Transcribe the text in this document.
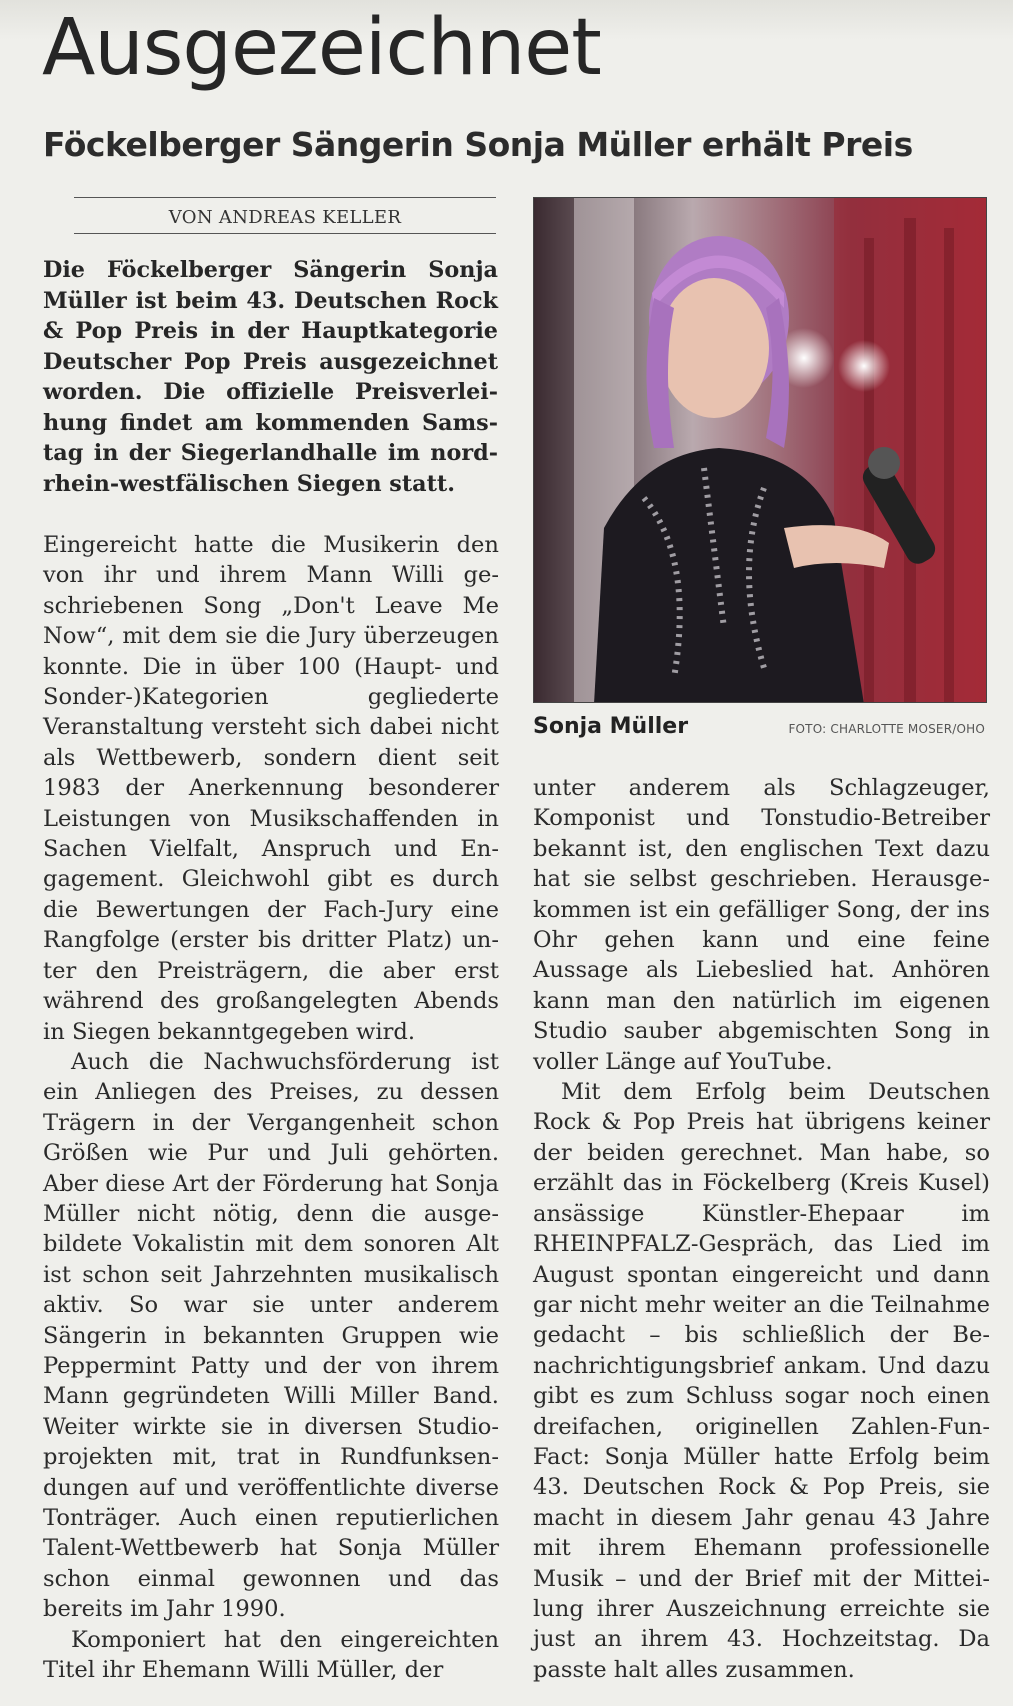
Ausgezeichnet
Föckelberger Sängerin Sonja Müller erhält Preis
VON ANDREAS KELLER

Die Föckelberger Sängerin Sonja Müller ist beim 43. Deutschen Rock & Pop Preis in der Hauptkategorie Deutscher Pop Preis ausgezeichnet worden. Die offizielle Preisverleihung findet am kommenden Samstag in der Siegerlandhalle im nordrhein-westfälischen Siegen statt.

Eingereicht hatte die Musikerin den von ihr und ihrem Mann Willi geschriebenen Song „Don't Leave Me Now“, mit dem sie die Jury überzeugen konnte. Die in über 100 (Haupt- und Sonder-)Kategorien gegliederte Veranstaltung versteht sich dabei nicht als Wettbewerb, sondern dient seit 1983 der Anerkennung besonderer Leistungen von Musikschaffenden in Sachen Vielfalt, Anspruch und Engagement. Gleichwohl gibt es durch die Bewertungen der Fach-Jury eine Rangfolge (erster bis dritter Platz) unter den Preisträgern, die aber erst während des großangelegten Abends in Siegen bekanntgegeben wird.

Auch die Nachwuchsförderung ist ein Anliegen des Preises, zu dessen Trägern in der Vergangenheit schon Größen wie Pur und Juli gehörten. Aber diese Art der Förderung hat Sonja Müller nicht nötig, denn die ausgebildete Vokalistin mit dem sonoren Alt ist schon seit Jahrzehnten musikalisch aktiv. So war sie unter anderem Sängerin in bekannten Gruppen wie Peppermint Patty und der von ihrem Mann gegründeten Willi Miller Band. Weiter wirkte sie in diversen Studioprojekten mit, trat in Rundfunksendungen auf und veröffentlichte diverse Tonträger. Auch einen reputierlichen Talent-Wettbewerb hat Sonja Müller schon einmal gewonnen und das bereits im Jahr 1990.

Komponiert hat den eingereichten Titel ihr Ehemann Willi Müller, der

Sonja Müller	FOTO: CHARLOTTE MOSER/OHO

unter anderem als Schlagzeuger, Komponist und Tonstudio-Betreiber bekannt ist, den englischen Text dazu hat sie selbst geschrieben. Herausgekommen ist ein gefälliger Song, der ins Ohr gehen kann und eine feine Aussage als Liebeslied hat. Anhören kann man den natürlich im eigenen Studio sauber abgemischten Song in voller Länge auf YouTube.

Mit dem Erfolg beim Deutschen Rock & Pop Preis hat übrigens keiner der beiden gerechnet. Man habe, so erzählt das in Föckelberg (Kreis Kusel) ansässige Künstler-Ehepaar im RHEINPFALZ-Gespräch, das Lied im August spontan eingereicht und dann gar nicht mehr weiter an die Teilnahme gedacht – bis schließlich der Benachrichtigungsbrief ankam. Und dazu gibt es zum Schluss sogar noch einen dreifachen, originellen Zahlen-Fun-Fact: Sonja Müller hatte Erfolg beim 43. Deutschen Rock & Pop Preis, sie macht in diesem Jahr genau 43 Jahre mit ihrem Ehemann professionelle Musik – und der Brief mit der Mitteilung ihrer Auszeichnung erreichte sie just an ihrem 43. Hochzeitstag. Da passte halt alles zusammen.
